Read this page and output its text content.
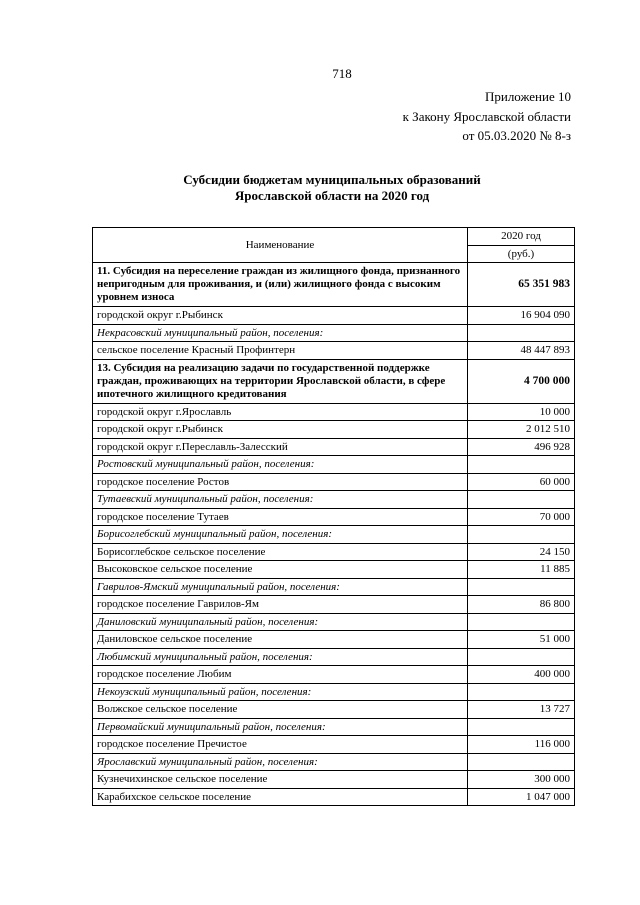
718
Приложение 10
к Закону Ярославской области
от 05.03.2020 № 8-з
Субсидии бюджетам муниципальных образований
Ярославской области на 2020 год
Наименование	2020 год
	(руб.)
11. Субсидия на переселение граждан из жилищного фонда, признанного непригодным для проживания, и (или) жилищного фонда с высоким уровнем износа	65 351 983
городской округ г.Рыбинск	16 904 090
Некрасовский муниципальный район, поселения:	
сельское поселение Красный Профинтерн	48 447 893
13. Субсидия на реализацию задачи по государственной поддержке граждан, проживающих на территории Ярославской области, в сфере ипотечного жилищного кредитования	4 700 000
городской округ г.Ярославль	10 000
городской округ г.Рыбинск	2 012 510
городской округ г.Переславль-Залесский	496 928
Ростовский муниципальный район, поселения:	
городское поселение Ростов	60 000
Тутаевский муниципальный район, поселения:	
городское поселение Тутаев	70 000
Борисоглебский муниципальный район, поселения:	
Борисоглебское сельское поселение	24 150
Высоковское сельское поселение	11 885
Гаврилов-Ямский муниципальный район, поселения:	
городское поселение Гаврилов-Ям	86 800
Даниловский муниципальный район, поселения:	
Даниловское сельское поселение	51 000
Любимский муниципальный район, поселения:	
городское поселение Любим	400 000
Некоузский муниципальный район, поселения:	
Волжское сельское поселение	13 727
Первомайский муниципальный район, поселения:	
городское поселение Пречистое	116 000
Ярославский муниципальный район, поселения:	
Кузнечихинское сельское поселение	300 000
Карабихское сельское поселение	1 047 000
